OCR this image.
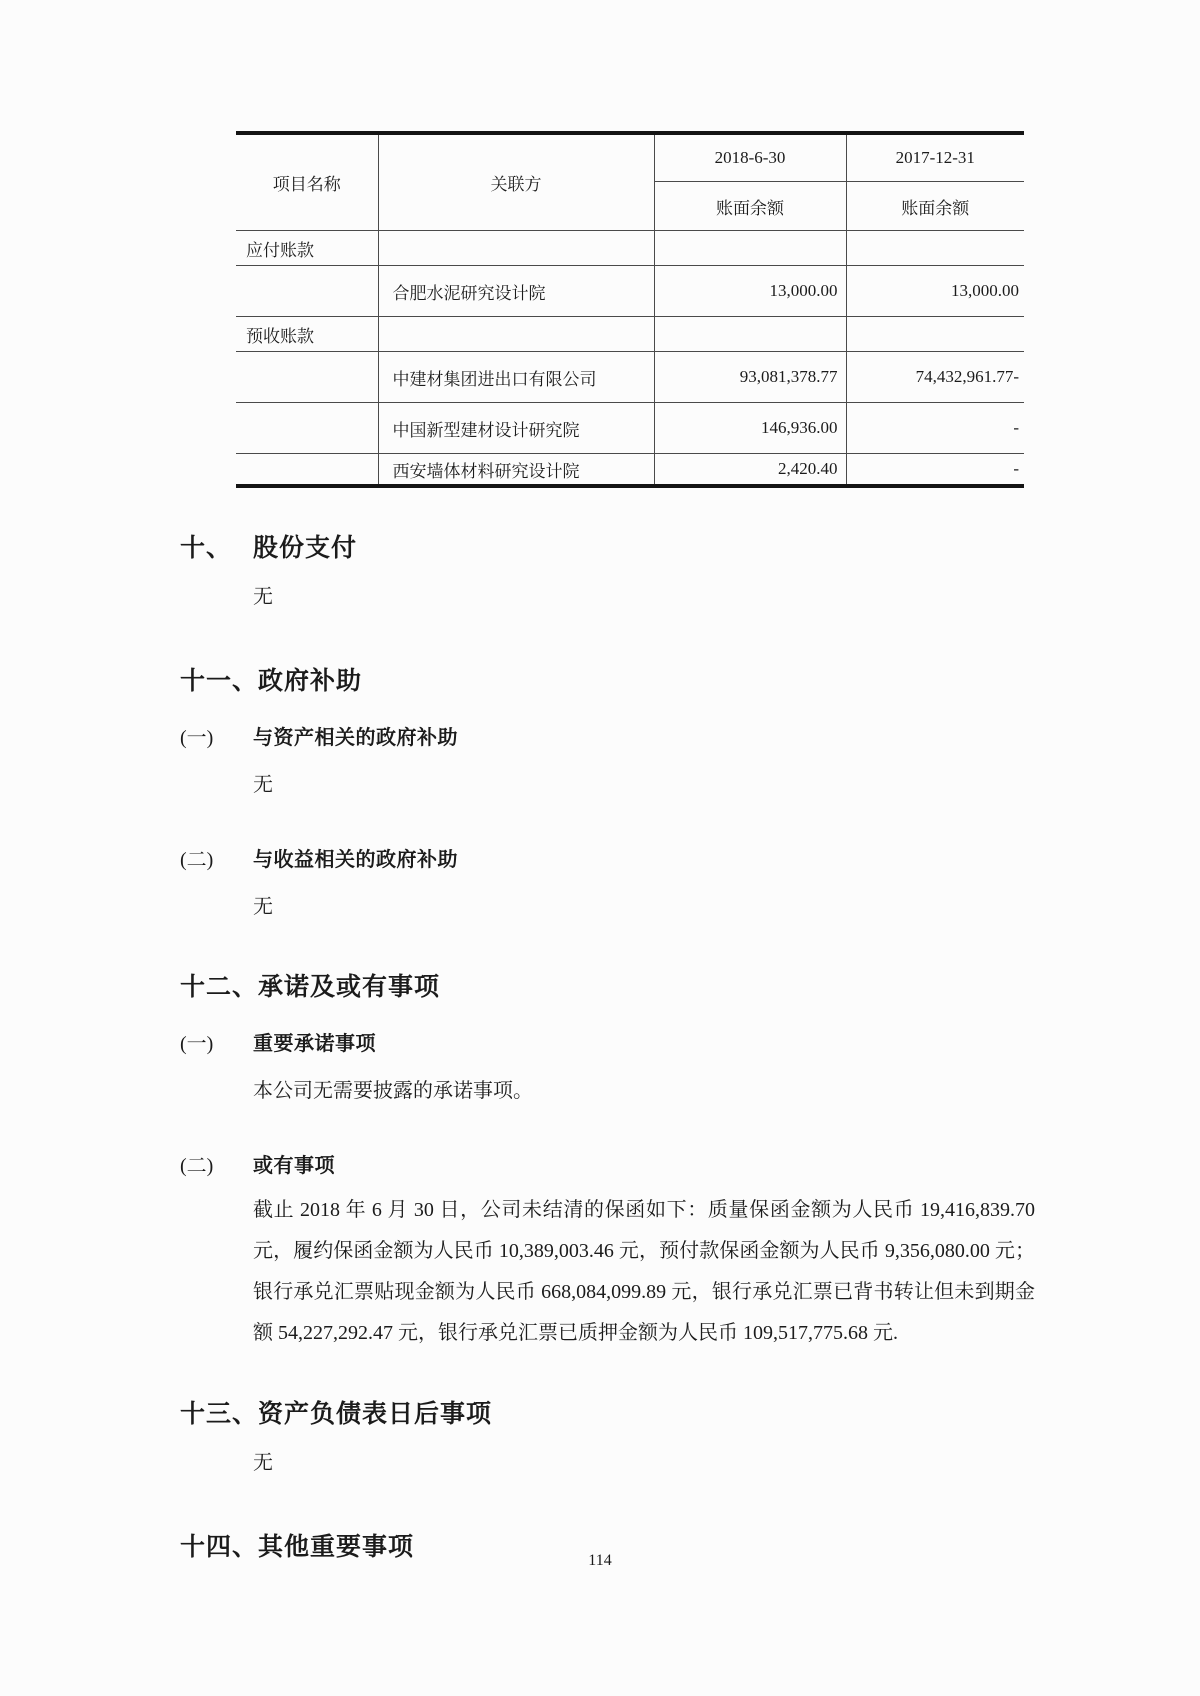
项目名称	关联方	2018-6-30	2017-12-31
		账面余额	账面余额
应付账款			
	合肥水泥研究设计院	13,000.00	13,000.00
预收账款			
	中建材集团进出口有限公司	93,081,378.77	74,432,961.77-
	中国新型建材设计研究院	146,936.00	-
	西安墙体材料研究设计院	2,420.40	-
十、 股份支付

无

十一、 政府补助
(一)	与资产相关的政府补助

无

(二)	与收益相关的政府补助

无

十二、 承诺及或有事项
(一)	重要承诺事项

本公司无需要披露的承诺事项。

(二)	或有事项

截止 2018 年 6 月 30 日，公司未结清的保函如下：质量保函金额为人民币 19,416,839.70 元，履约保函金额为人民币 10,389,003.46 元，预付款保函金额为人民币 9,356,080.00 元；银行承兑汇票贴现金额为人民币 668,084,099.89 元，银行承兑汇票已背书转让但未到期金额 54,227,292.47 元，银行承兑汇票已质押金额为人民币 109,517,775.68 元.

十三、 资产负债表日后事项

无

十四、 其他重要事项	114
